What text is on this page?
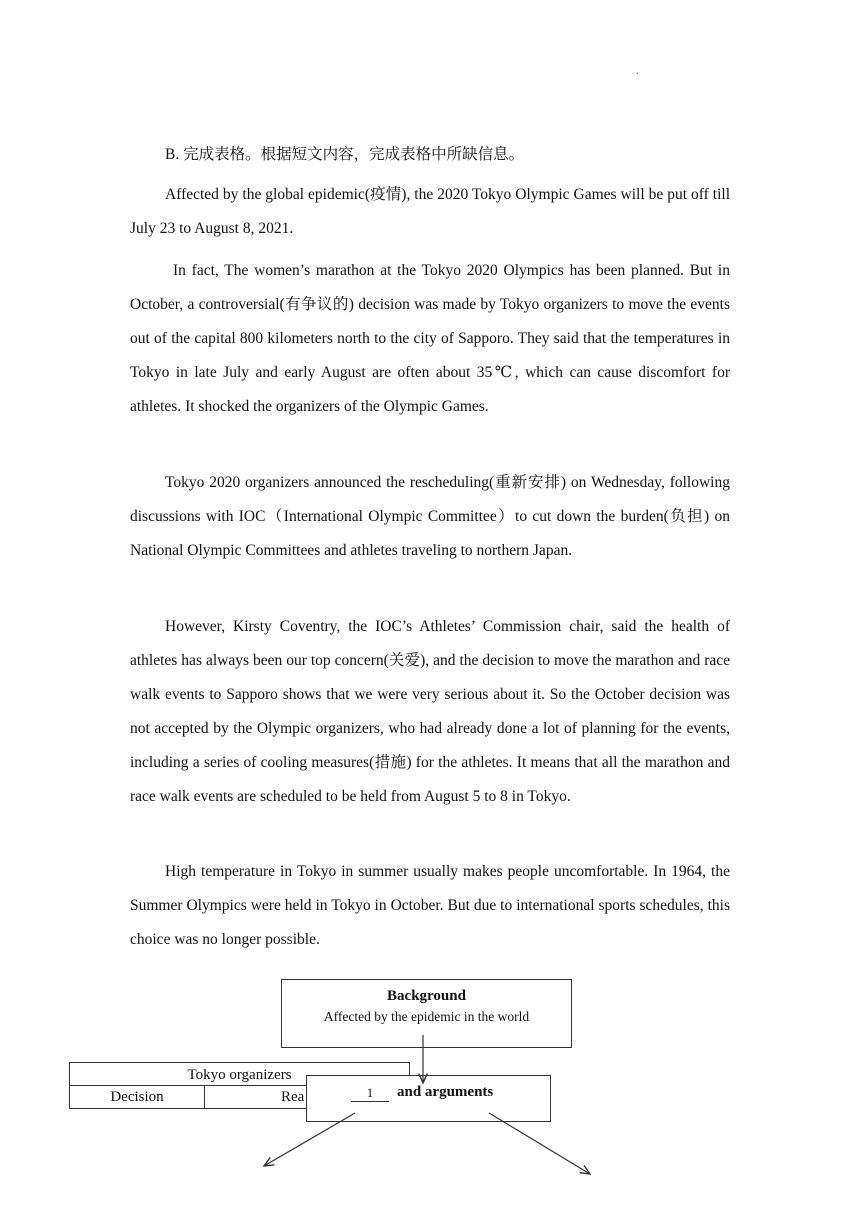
.
B. 完成表格。根据短文内容，完成表格中所缺信息。

Affected by the global epidemic(疫情), the 2020 Tokyo Olympic Games will be put off till July 23 to August 8, 2021.

In fact, The women’s marathon at the Tokyo 2020 Olympics has been planned. But in October, a controversial(有争议的) decision was made by Tokyo organizers to move the events out of the capital 800 kilometers north to the city of Sapporo. They said that the temperatures in Tokyo in late July and early August are often about 35℃, which can cause discomfort for athletes. It shocked the organizers of the Olympic Games.

Tokyo 2020 organizers announced the rescheduling(重新安排) on Wednesday, following discussions with IOC（International Olympic Committee）to cut down the burden(负担) on National Olympic Committees and athletes traveling to northern Japan.

However, Kirsty Coventry, the IOC’s Athletes’ Commission chair, said the health of athletes has always been our top concern(关爱), and the decision to move the marathon and race walk events to Sapporo shows that we were very serious about it. So the October decision was not accepted by the Olympic organizers, who had already done a lot of planning for the events, including a series of cooling measures(措施) for the athletes. It means that all the marathon and race walk events are scheduled to be held from August 5 to 8 in Tokyo.

High temperature in Tokyo in summer usually makes people uncomfortable. In 1964, the Summer Olympics were held in Tokyo in October. But due to international sports schedules, this choice was no longer possible.

Background
Affected by the epidemic in the world
Tokyo organizers
Decision	Rea	1	and arguments
